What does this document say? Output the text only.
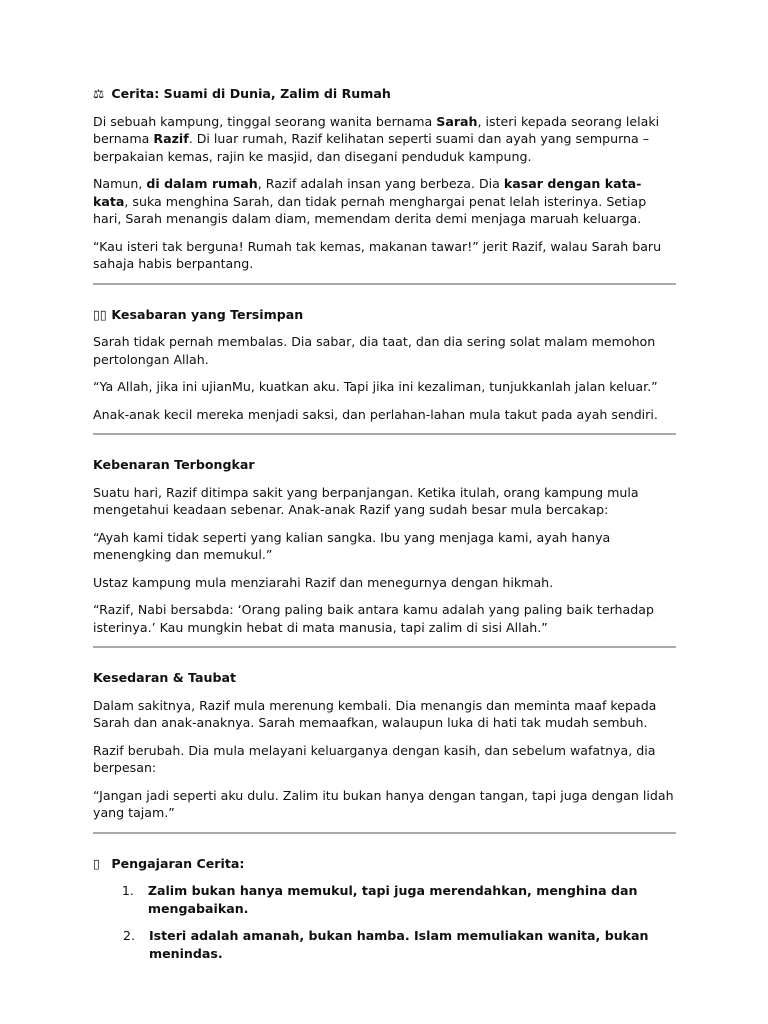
⚖ Cerita: Suami di Dunia, Zalim di Rumah

Di sebuah kampung, tinggal seorang wanita bernama Sarah, isteri kepada seorang lelaki bernama Razif. Di luar rumah, Razif kelihatan seperti suami dan ayah yang sempurna – berpakaian kemas, rajin ke masjid, dan disegani penduduk kampung.

Namun, di dalam rumah, Razif adalah insan yang berbeza. Dia kasar dengan kata-kata, suka menghina Sarah, dan tidak pernah menghargai penat lelah isterinya. Setiap hari, Sarah menangis dalam diam, memendam derita demi menjaga maruah keluarga.

“Kau isteri tak berguna! Rumah tak kemas, makanan tawar!” jerit Razif, walau Sarah baru sahaja habis berpantang.

▯▯ Kesabaran yang Tersimpan

Sarah tidak pernah membalas. Dia sabar, dia taat, dan dia sering solat malam memohon pertolongan Allah.

“Ya Allah, jika ini ujianMu, kuatkan aku. Tapi jika ini kezaliman, tunjukkanlah jalan keluar.”

Anak-anak kecil mereka menjadi saksi, dan perlahan-lahan mula takut pada ayah sendiri.

Kebenaran Terbongkar

Suatu hari, Razif ditimpa sakit yang berpanjangan. Ketika itulah, orang kampung mula mengetahui keadaan sebenar. Anak-anak Razif yang sudah besar mula bercakap:

“Ayah kami tidak seperti yang kalian sangka. Ibu yang menjaga kami, ayah hanya menengking dan memukul.”

Ustaz kampung mula menziarahi Razif dan menegurnya dengan hikmah.

“Razif, Nabi bersabda: ‘Orang paling baik antara kamu adalah yang paling baik terhadap isterinya.’ Kau mungkin hebat di mata manusia, tapi zalim di sisi Allah.”

Kesedaran & Taubat

Dalam sakitnya, Razif mula merenung kembali. Dia menangis dan meminta maaf kepada Sarah dan anak-anaknya. Sarah memaafkan, walaupun luka di hati tak mudah sembuh.

Razif berubah. Dia mula melayani keluarganya dengan kasih, dan sebelum wafatnya, dia berpesan:

“Jangan jadi seperti aku dulu. Zalim itu bukan hanya dengan tangan, tapi juga dengan lidah yang tajam.”

▯ Pengajaran Cerita:
1.	Zalim bukan hanya memukul, tapi juga merendahkan, menghina dan mengabaikan.
2.	Isteri adalah amanah, bukan hamba. Islam memuliakan wanita, bukan menindas.
